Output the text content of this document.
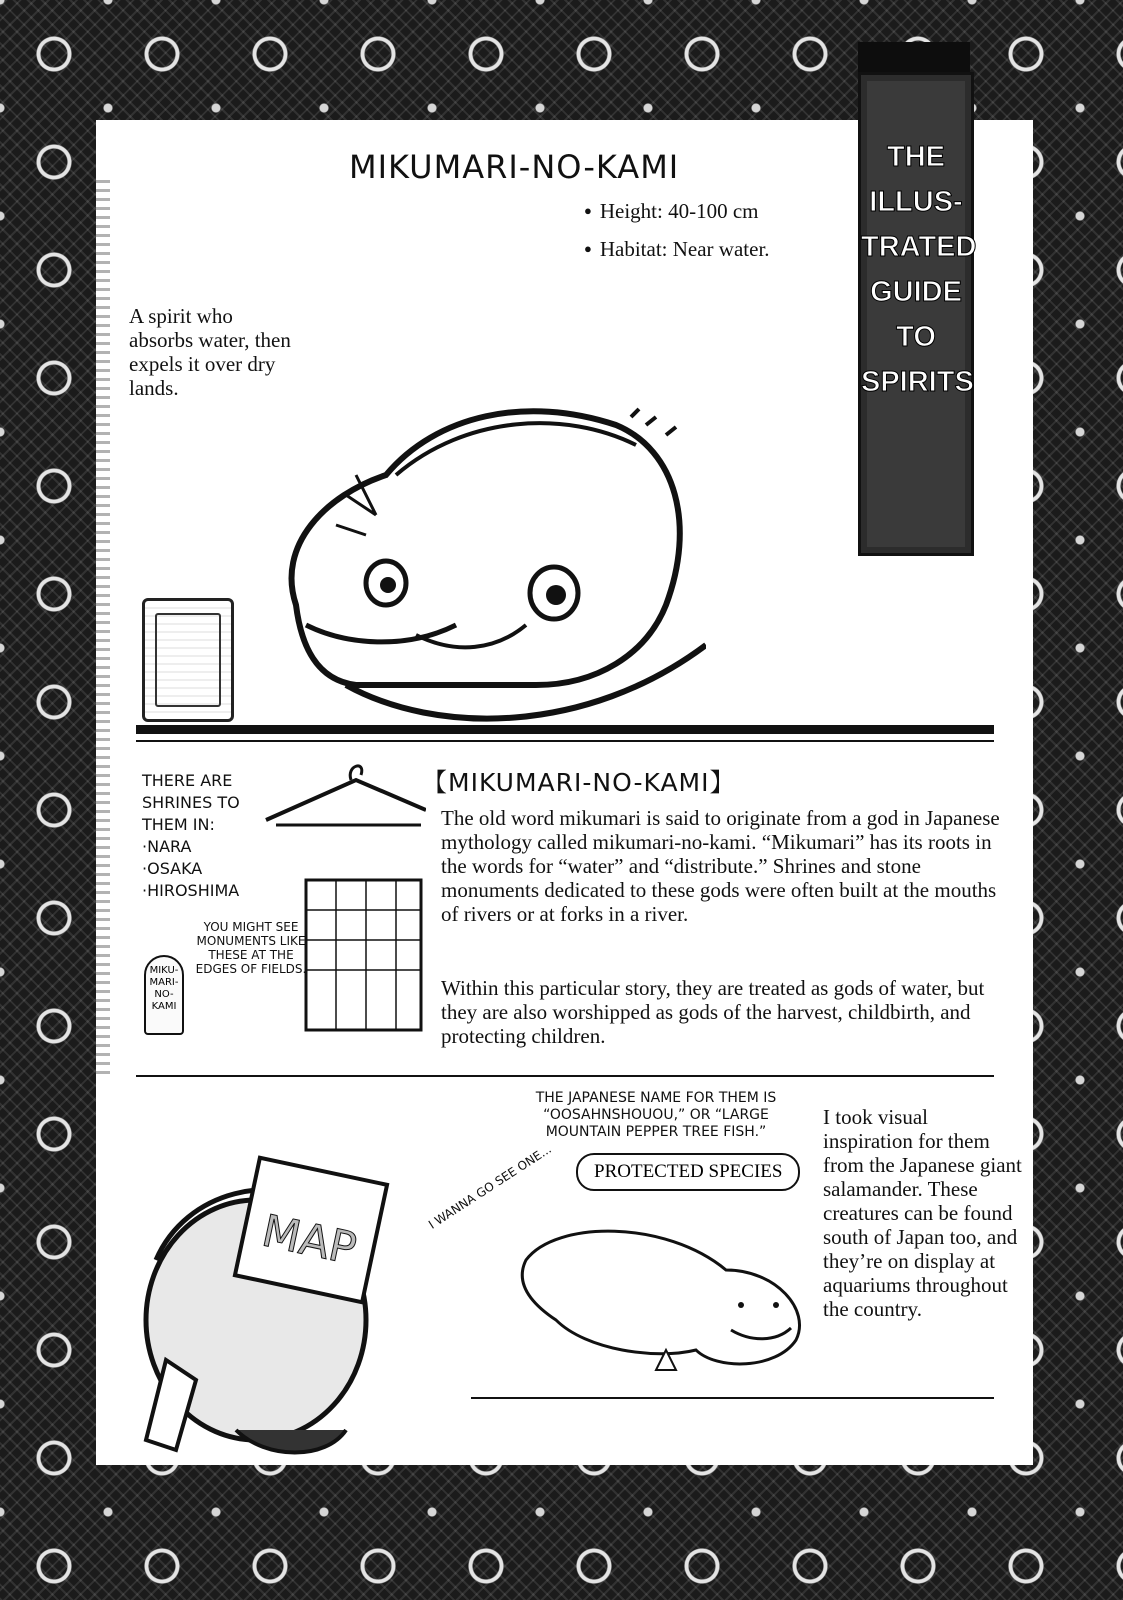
MIKUMARI-NO-KAMI
● Height: 40-100 cm
● Habitat: Near water.
A spirit who absorbs water, then expels it over dry lands.
THERE ARE SHRINES TO THEM IN:
· NARA
· OSAKA
· HIROSHIMA
YOU MIGHT SEE MONUMENTS LIKE THESE AT THE EDGES OF FIELDS.
MIKU-MARI-NO-KAMI
【MIKUMARI-NO-KAMI】

The old word mikumari is said to originate from a god in Japanese mythology called mikumari-no-kami. “Mikumari” has its roots in the words for “water” and “distribute.” Shrines and stone monuments dedicated to these gods were often built at the mouths of rivers or at forks in a river.

Within this particular story, they are treated as gods of water, but they are also worshipped as gods of the harvest, childbirth, and protecting children.

MAP
THE JAPANESE NAME FOR THEM IS “OOSAHNSHOUOU,” OR “LARGE MOUNTAIN PEPPER TREE FISH.”
PROTECTED SPECIES
I WANNA GO SEE ONE...

I took visual inspiration for them from the Japanese giant salamander. These creatures can be found south of Japan too, and they’re on display at aquariums throughout the country.

THE
ILLUS-
TRATED
GUIDE
TO
SPIRITS
